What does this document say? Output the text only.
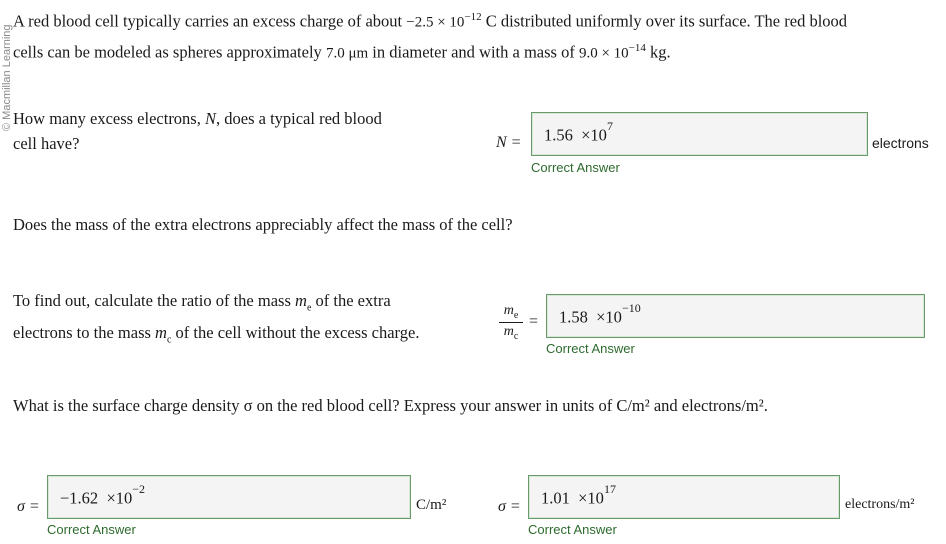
© Macmillan Learning
A red blood cell typically carries an excess charge of about $-2.5 \times 10^{-12}$ C distributed uniformly over its surface. The red blood
cells can be modeled as spheres approximately 7.0 μm in diameter and with a mass of $9.0 \times 10^{-14}$ kg.
How many excess electrons, N, does a typical red blood
cell have?	$N = 1.56 \times 10^7$
electrons
Correct Answer
Does the mass of the extra electrons appreciably affect the mass of the cell?
To find out, calculate the ratio of the mass $m_e$ of the extra
electrons to the mass $m_c$ of the cell without the excess charge.
$m_e$
$m_c$
= $1.58 \times 10^{-10}$
Correct Answer
What is the surface charge density σ on the red blood cell? Express your answer in units of C/m² and electrons/m².
$\sigma = -1.62 \times 10^{-2}$
C/m²
Correct Answer
$\sigma = 1.01 \times 10^{17}$
electrons/m²
Correct Answer
